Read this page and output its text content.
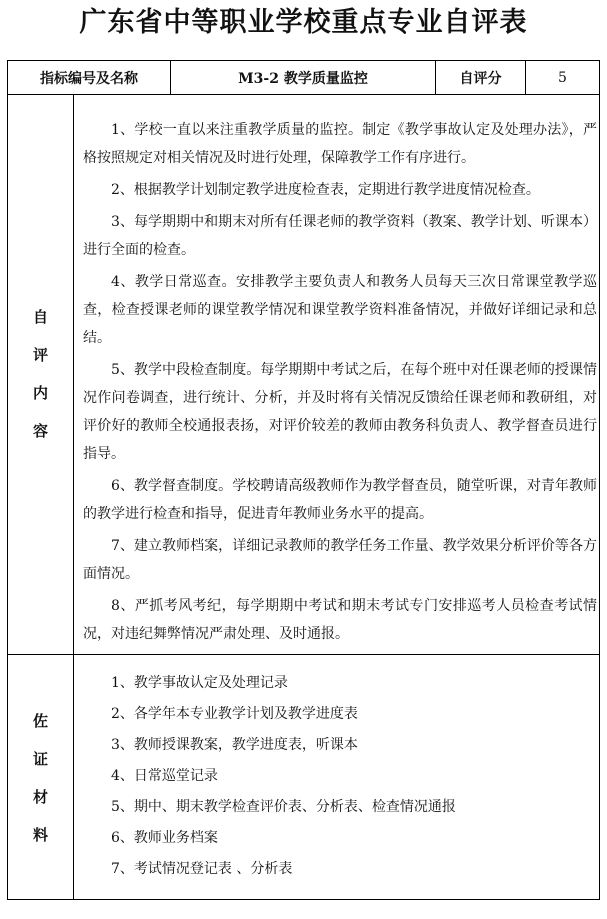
广东省中等职业学校重点专业自评表
指标编号及名称	M3-2 教学质量监控	自评分	5
自
评
内
容

1、学校一直以来注重教学质量的监控。制定《教学事故认定及处理办法》，严格按照规定对相关情况及时进行处理，保障教学工作有序进行。

2、根据教学计划制定教学进度检查表，定期进行教学进度情况检查。

3、每学期期中和期末对所有任课老师的教学资料（教案、教学计划、听课本）进行全面的检查。

4、教学日常巡查。安排教学主要负责人和教务人员每天三次日常课堂教学巡查，检查授课老师的课堂教学情况和课堂教学资料准备情况，并做好详细记录和总结。

5、教学中段检查制度。每学期期中考试之后，在每个班中对任课老师的授课情况作问卷调查，进行统计、分析，并及时将有关情况反馈给任课老师和教研组，对评价好的教师全校通报表扬，对评价较差的教师由教务科负责人、教学督查员进行指导。

6、教学督查制度。学校聘请高级教师作为教学督查员，随堂听课，对青年教师的教学进行检查和指导，促进青年教师业务水平的提高。

7、建立教师档案，详细记录教师的教学任务工作量、教学效果分析评价等各方面情况。

8、严抓考风考纪，每学期期中考试和期末考试专门安排巡考人员检查考试情况，对违纪舞弊情况严肃处理、及时通报。

佐
证
材
料

1、教学事故认定及处理记录

2、各学年本专业教学计划及教学进度表

3、教师授课教案，教学进度表，听课本

4、日常巡堂记录

5、期中、期末教学检查评价表、分析表、检查情况通报

6、教师业务档案

7、考试情况登记表 、分析表
